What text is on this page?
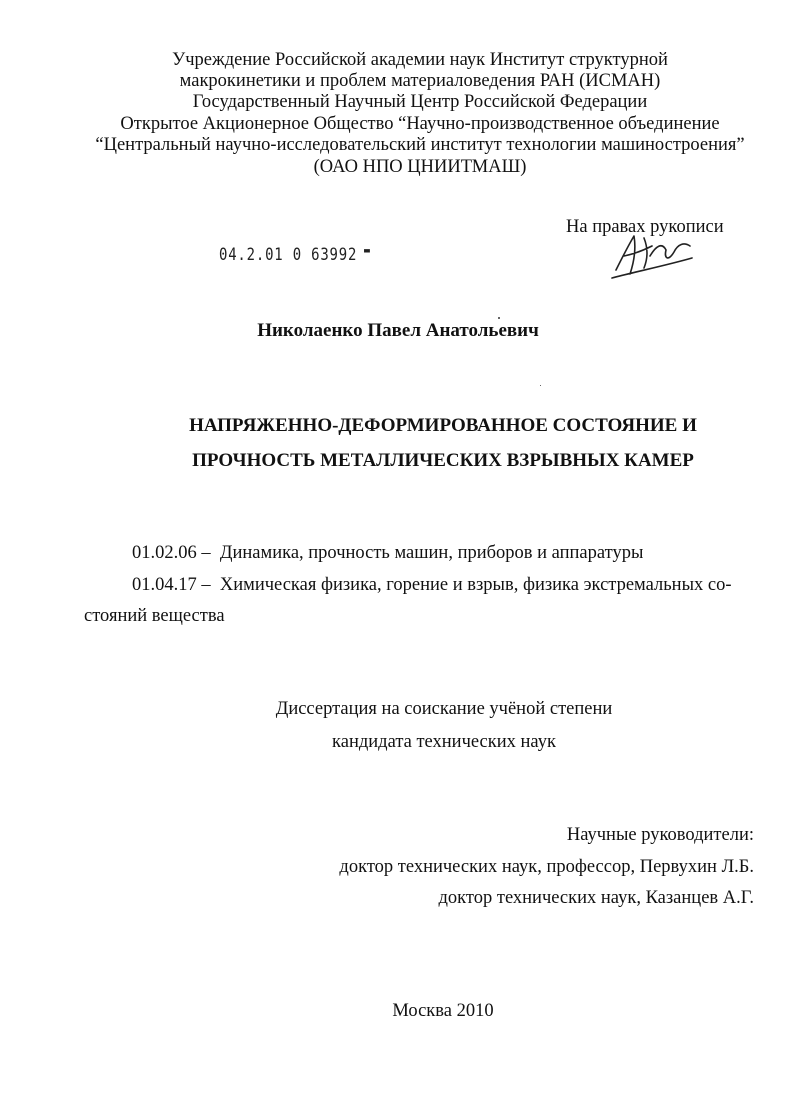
Учреждение Российской академии наук Институт структурной
макрокинетики и проблем материаловедения РАН (ИСМАН)
Государственный Научный Центр Российской Федерации
Открытое Акционерное Общество “Научно-производственное объединение
“Центральный научно-исследовательский институт технологии машиностроения”
(ОАО НПО ЦНИИТМАШ)
04.2.01 0 63992 ▬
На правах рукописи
Николаенко Павел Анатольевич
НАПРЯЖЕННО-ДЕФОРМИРОВАННОЕ СОСТОЯНИЕ И
ПРОЧНОСТЬ МЕТАЛЛИЧЕСКИХ ВЗРЫВНЫХ КАМЕР
01.02.06 – Динамика, прочность машин, приборов и аппаратуры
01.04.17 – Химическая физика, горение и взрыв, физика экстремальных со-
стояний вещества
Диссертация на соискание учёной степени
кандидата технических наук
Научные руководители:
доктор технических наук, профессор, Первухин Л.Б.
доктор технических наук, Казанцев А.Г.
Москва 2010
